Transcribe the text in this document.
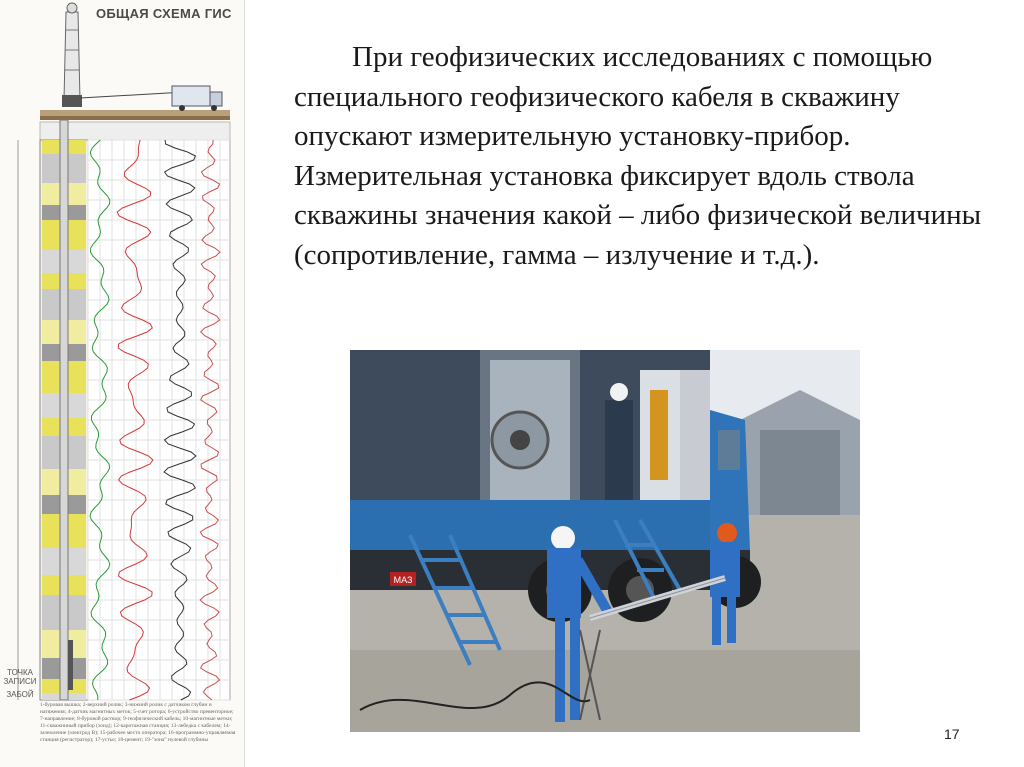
ОБЩАЯ СХЕМА ГИС
ТОЧКА
ЗАПИСИ
ЗАБОЙ
1-буровая вышка; 2-верхний ролик; 3-нижний ролик с датчиком глубин и натяжения; 4-датчик магнитных меток; 5-счет ротора; 6-устройство превенторное; 7-направление; 8-буровой раствор; 9-геофизический кабель; 10-магнитные метки; 11-скважинный прибор (зонд); 12-каротажная станция; 13-лебедка с кабелем; 14-заземление (электрод В); 15-рабочее место оператора; 16-программно-управляемая станция (регистратор); 17-устье; 18-цемент; 19-"зона" нулевой глубины

При геофизических исследованиях с помощью специального геофизического кабеля в скважину опускают измерительную установку-прибор. Измерительная установка фиксирует вдоль ствола скважины значения какой – либо физической величины (сопротивление, гамма – излучение и т.д.).

МАЗ
17
